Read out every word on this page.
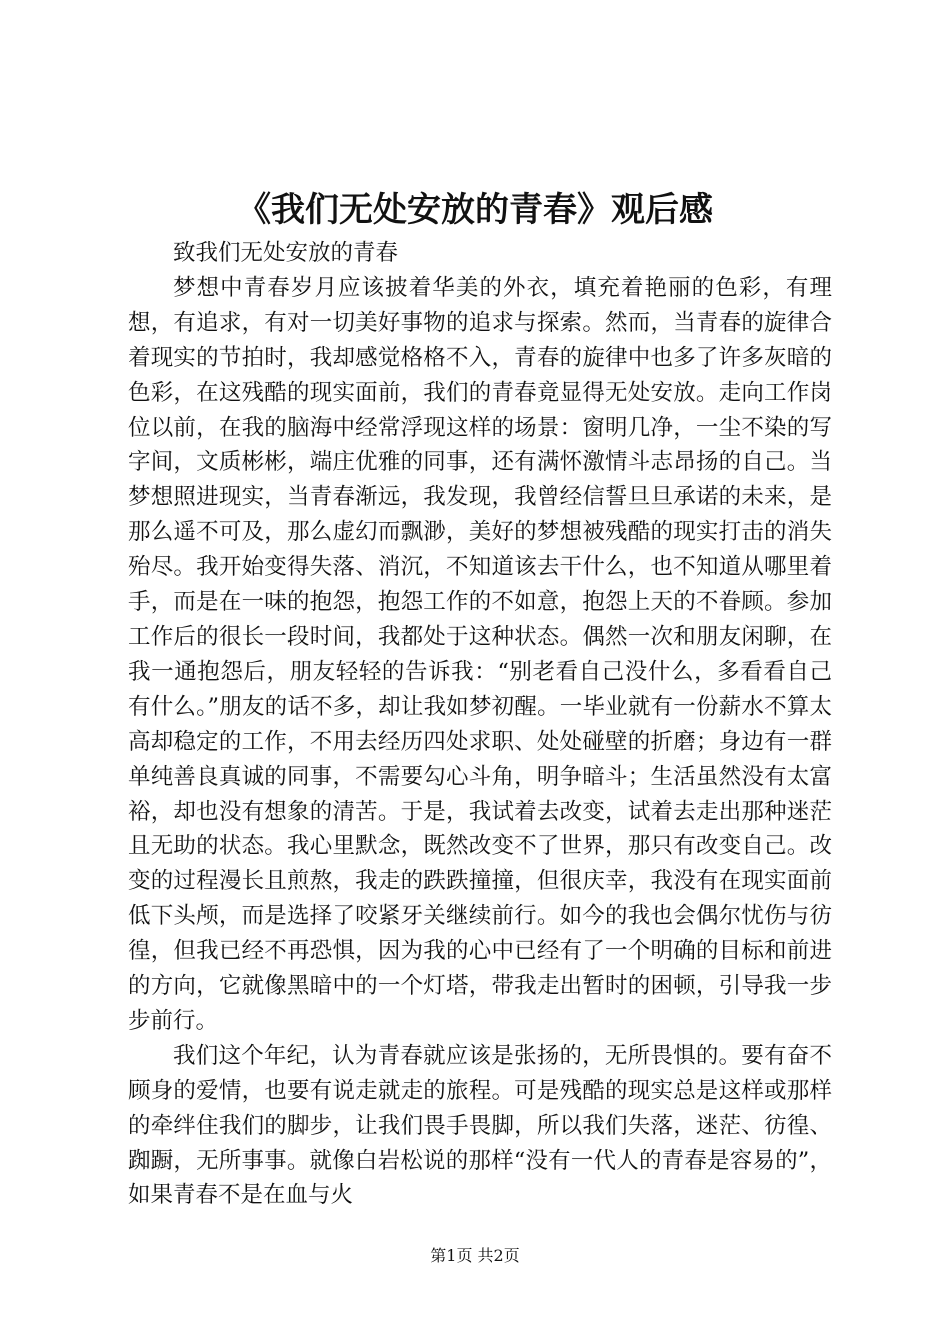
《我们无处安放的青春》观后感

致我们无处安放的青春

梦想中青春岁月应该披着华美的外衣，填充着艳丽的色彩，有理想，有追求，有对一切美好事物的追求与探索。然而，当青春的旋律合着现实的节拍时，我却感觉格格不入，青春的旋律中也多了许多灰暗的色彩，在这残酷的现实面前，我们的青春竟显得无处安放。走向工作岗位以前，在我的脑海中经常浮现这样的场景：窗明几净，一尘不染的写字间，文质彬彬，端庄优雅的同事，还有满怀激情斗志昂扬的自己。当梦想照进现实，当青春渐远，我发现，我曾经信誓旦旦承诺的未来，是那么遥不可及，那么虚幻而飘渺，美好的梦想被残酷的现实打击的消失殆尽。我开始变得失落、消沉，不知道该去干什么，也不知道从哪里着手，而是在一味的抱怨，抱怨工作的不如意，抱怨上天的不眷顾。参加工作后的很长一段时间，我都处于这种状态。偶然一次和朋友闲聊，在我一通抱怨后，朋友轻轻的告诉我：“别老看自己没什么，多看看自己有什么。”朋友的话不多，却让我如梦初醒。一毕业就有一份薪水不算太高却稳定的工作，不用去经历四处求职、处处碰壁的折磨；身边有一群单纯善良真诚的同事，不需要勾心斗角，明争暗斗；生活虽然没有太富裕，却也没有想象的清苦。于是，我试着去改变，试着去走出那种迷茫且无助的状态。我心里默念，既然改变不了世界，那只有改变自己。改变的过程漫长且煎熬，我走的跌跌撞撞，但很庆幸，我没有在现实面前低下头颅，而是选择了咬紧牙关继续前行。如今的我也会偶尔忧伤与彷徨，但我已经不再恐惧，因为我的心中已经有了一个明确的目标和前进的方向，它就像黑暗中的一个灯塔，带我走出暂时的困顿，引导我一步步前行。

我们这个年纪，认为青春就应该是张扬的，无所畏惧的。要有奋不顾身的爱情，也要有说走就走的旅程。可是残酷的现实总是这样或那样的牵绊住我们的脚步，让我们畏手畏脚，所以我们失落，迷茫、彷徨、踟蹰，无所事事。就像白岩松说的那样“没有一代人的青春是容易的”，如果青春不是在血与火

第1页 共2页
